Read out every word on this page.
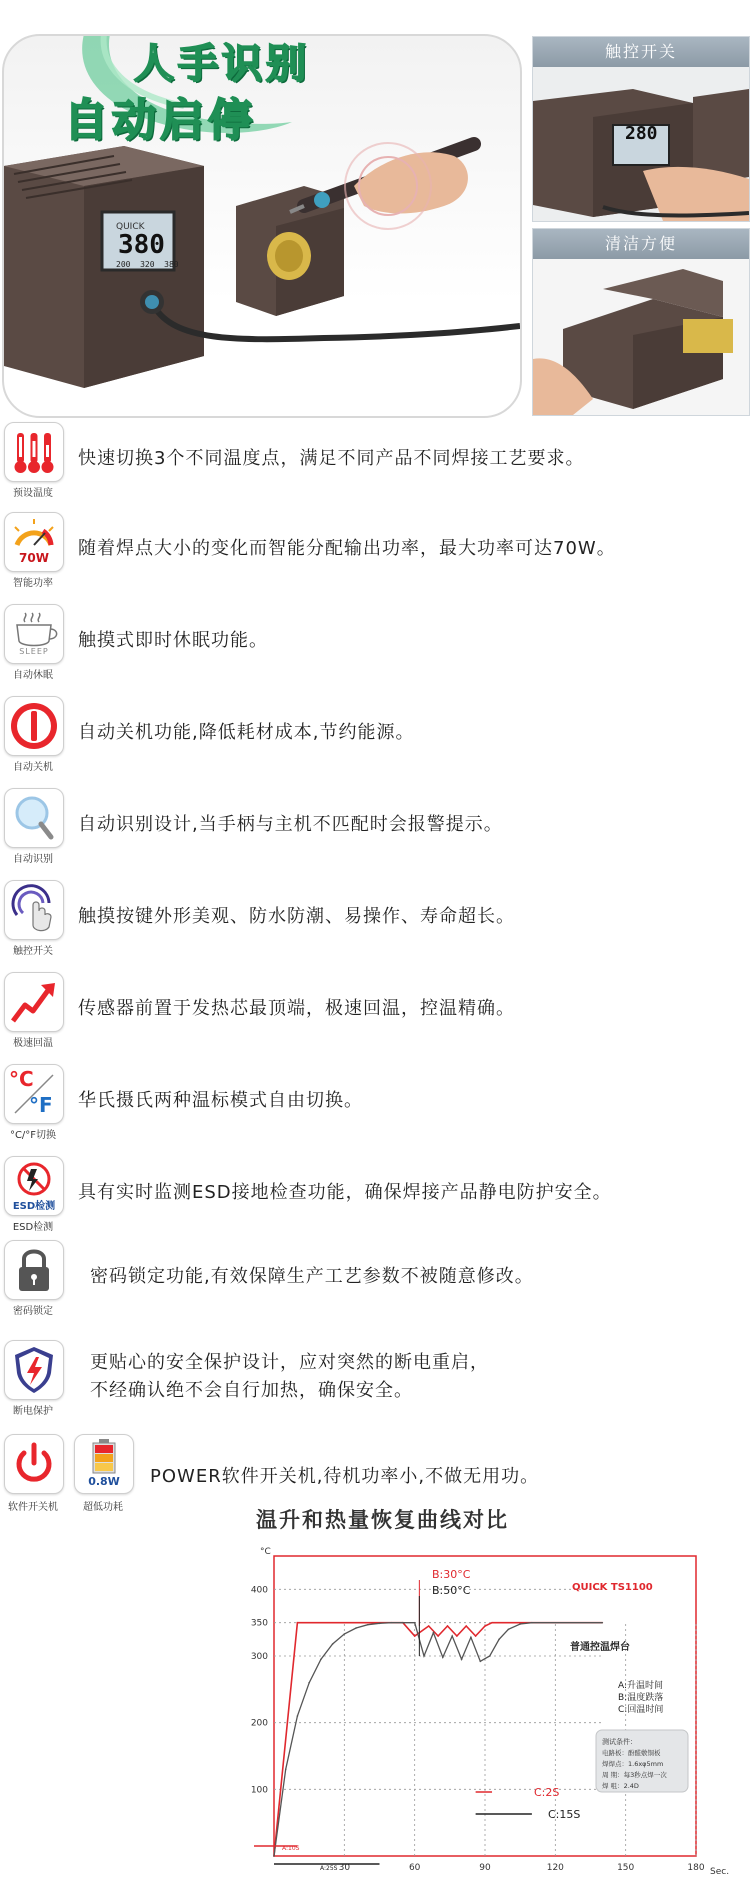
人手识别
自动启停
QUICK
380
200  320  380
触控开关
280
清洁方便
预设温度
快速切换3个不同温度点，满足不同产品不同焊接工艺要求。
70W
智能功率
随着焊点大小的变化而智能分配输出功率，最大功率可达70W。
SLEEP
自动休眠
触摸式即时休眠功能。
自动关机
自动关机功能,降低耗材成本,节约能源。
自动识别
自动识别设计,当手柄与主机不匹配时会报警提示。
触控开关
触摸按键外形美观、防水防潮、易操作、寿命超长。
极速回温
传感器前置于发热芯最顶端，极速回温，控温精确。
°C
°F
°C/°F切换
华氏摄氏两种温标模式自由切换。
ESD检测
ESD检测
具有实时监测ESD接地检查功能，确保焊接产品静电防护安全。
密码锁定
密码锁定功能,有效保障生产工艺参数不被随意修改。
断电保护
更贴心的安全保护设计，应对突然的断电重启，
不经确认绝不会自行加热，确保安全。
软件开关机
0.8W
超低功耗
POWER软件开关机,待机功率小,不做无用功。
温升和热量恢复曲线对比
100
200
300
350
400
30	60	90	120	150	180
°C
Sec.
QUICK TS1100
普通控温焊台
A:升温时间
B:温度跌落
C:回温时间
测试条件：
电路板：酚醛敷铜板
焊焊点：1.6xφ5mm
周 期：每3秒点焊一次
焊 咀：2.4D
B:30°C
B:50°C
C:2S
C:15S
A:10S
A:25S
